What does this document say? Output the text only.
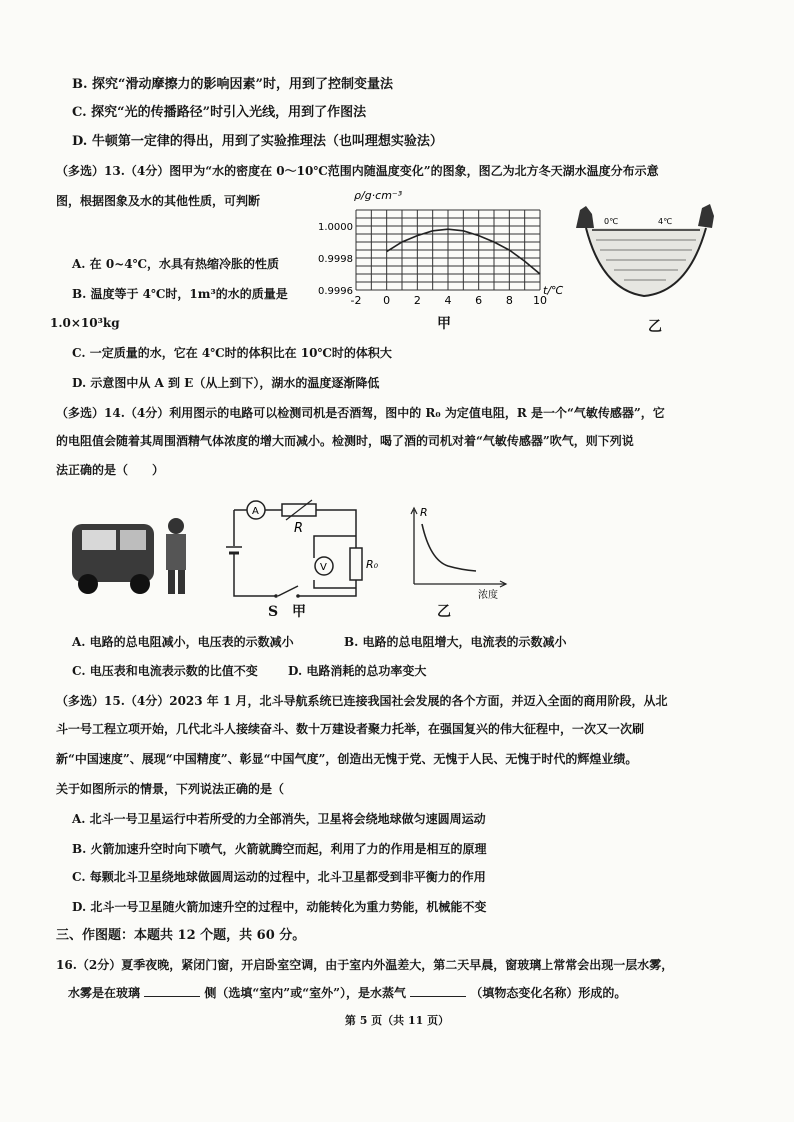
B. 探究“滑动摩擦力的影响因素”时，用到了控制变量法
C. 探究“光的传播路径”时引入光线，用到了作图法
D. 牛顿第一定律的得出，用到了实验推理法（也叫理想实验法）
（多选）13.（4分）图甲为“水的密度在 0～10℃范围内随温度变化”的图象，图乙为北方冬天湖水温度分布示意
图，根据图象及水的其他性质，可判断
A. 在 0~4℃，水具有热缩冷胀的性质
B. 温度等于 4℃时，1m³的水的质量是
1.0×10³kg
C. 一定质量的水，它在 4℃时的体积比在 10℃时的体积大
D. 示意图中从 A 到 E（从上到下），湖水的温度逐渐降低
-2 0 2 4 6 8 10
1.0000
0.9998
0.9996
ρ/g·cm⁻³
t/℃
甲
0℃	4℃
乙
（多选）14.（4分）利用图示的电路可以检测司机是否酒驾，图中的 R₀ 为定值电阻，R 是一个“气敏传感器”，它
的电阻值会随着其周围酒精气体浓度的增大而减小。检测时，喝了酒的司机对着“气敏传感器”吹气，则下列说
法正确的是（　　）
A
R
V	R₀
S 甲
R
浓度
乙
A. 电路的总电阻减小，电压表的示数减小	B. 电路的总电阻增大，电流表的示数减小
C. 电压表和电流表示数的比值不变	D. 电路消耗的总功率变大
（多选）15.（4分）2023 年 1 月，北斗导航系统已连接我国社会发展的各个方面，并迈入全面的商用阶段，从北
斗一号工程立项开始，几代北斗人接续奋斗、数十万建设者聚力托举，在强国复兴的伟大征程中，一次又一次刷
新“中国速度”、展现“中国精度”、彰显“中国气度”，创造出无愧于党、无愧于人民、无愧于时代的辉煌业绩。
关于如图所示的情景，下列说法正确的是（
A. 北斗一号卫星运行中若所受的力全部消失，卫星将会绕地球做匀速圆周运动
B. 火箭加速升空时向下喷气，火箭就腾空而起，利用了力的作用是相互的原理
C. 每颗北斗卫星绕地球做圆周运动的过程中，北斗卫星都受到非平衡力的作用
D. 北斗一号卫星随火箭加速升空的过程中，动能转化为重力势能，机械能不变
三、作图题：本题共 12 个题，共 60 分。
16.（2分）夏季夜晚，紧闭门窗，开启卧室空调，由于室内外温差大，第二天早晨，窗玻璃上常常会出现一层水雾，
水雾是在玻璃	侧（选填“室内”或“室外”），是水蒸气	（填物态变化名称）形成的。
第 5 页（共 11 页）
